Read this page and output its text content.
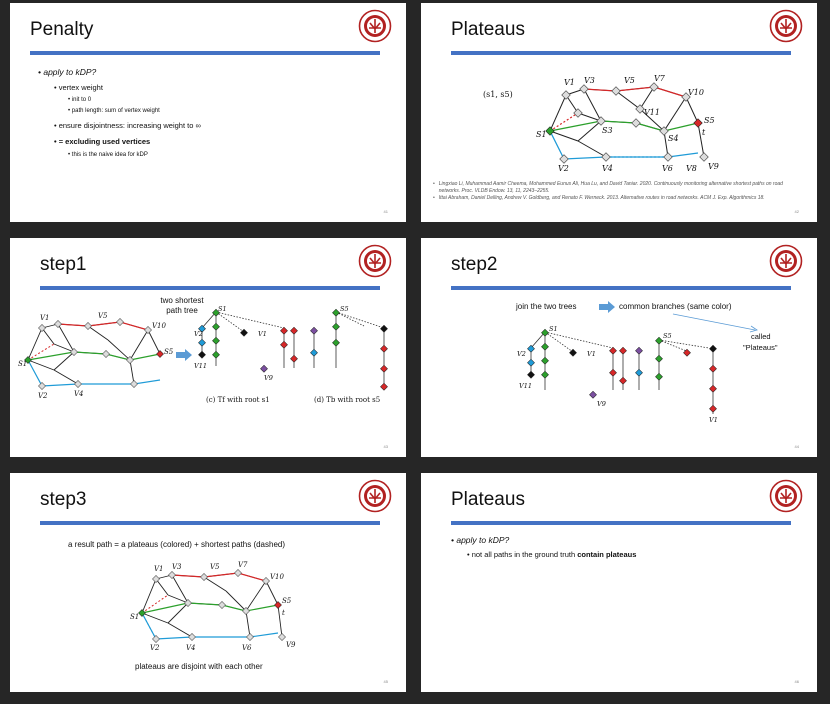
Penalty
• apply to kDP?
• vertex weight
• init to 0
• path length: sum of vertex weight
• ensure disjointness: increasing weight to ∞
• = excluding used vertices
• this is the naive idea for kDP
41
Plateaus
(s1, s5)
V1 V3	V5 V7
V10
V11
S3
S4
S5
t
S1
V2	V4	V6 V8 V9
• Lingxiao Li, Muhammad Aamir Cheema, Mohammed Eunus Ali, Hua Lu, and David Taniar. 2020. Continuously monitoring alternative shortest paths on road networks. Proc. VLDB Endow. 13, 11, 2243–2255.
• Ittai Abraham, Daniel Delling, Andrew V. Goldberg, and Renato F. Werneck. 2013. Alternative routes in road networks. ACM J. Exp. Algorithmics 18.
42
step1
two shortest path tree
V1	V5
V10
S5
S1
V2	V4
S1
V2
V11
V1
V9
S5
(c) Tf with root s1	(d) Tb with root s5
43
step2
join the two trees	common branches (same color)
called
"Plateaus"
S1
V2
V11
V1
V9
S5
V1
44
step3
a result path = a plateaus (colored) + shortest paths (dashed)
V1 V3	V5	V7
V10
S5
t
S1
V2	V4	V6	V9
plateaus are disjoint with each other
45
Plateaus
• apply to kDP?
• not all paths in the ground truth contain plateaus
46
